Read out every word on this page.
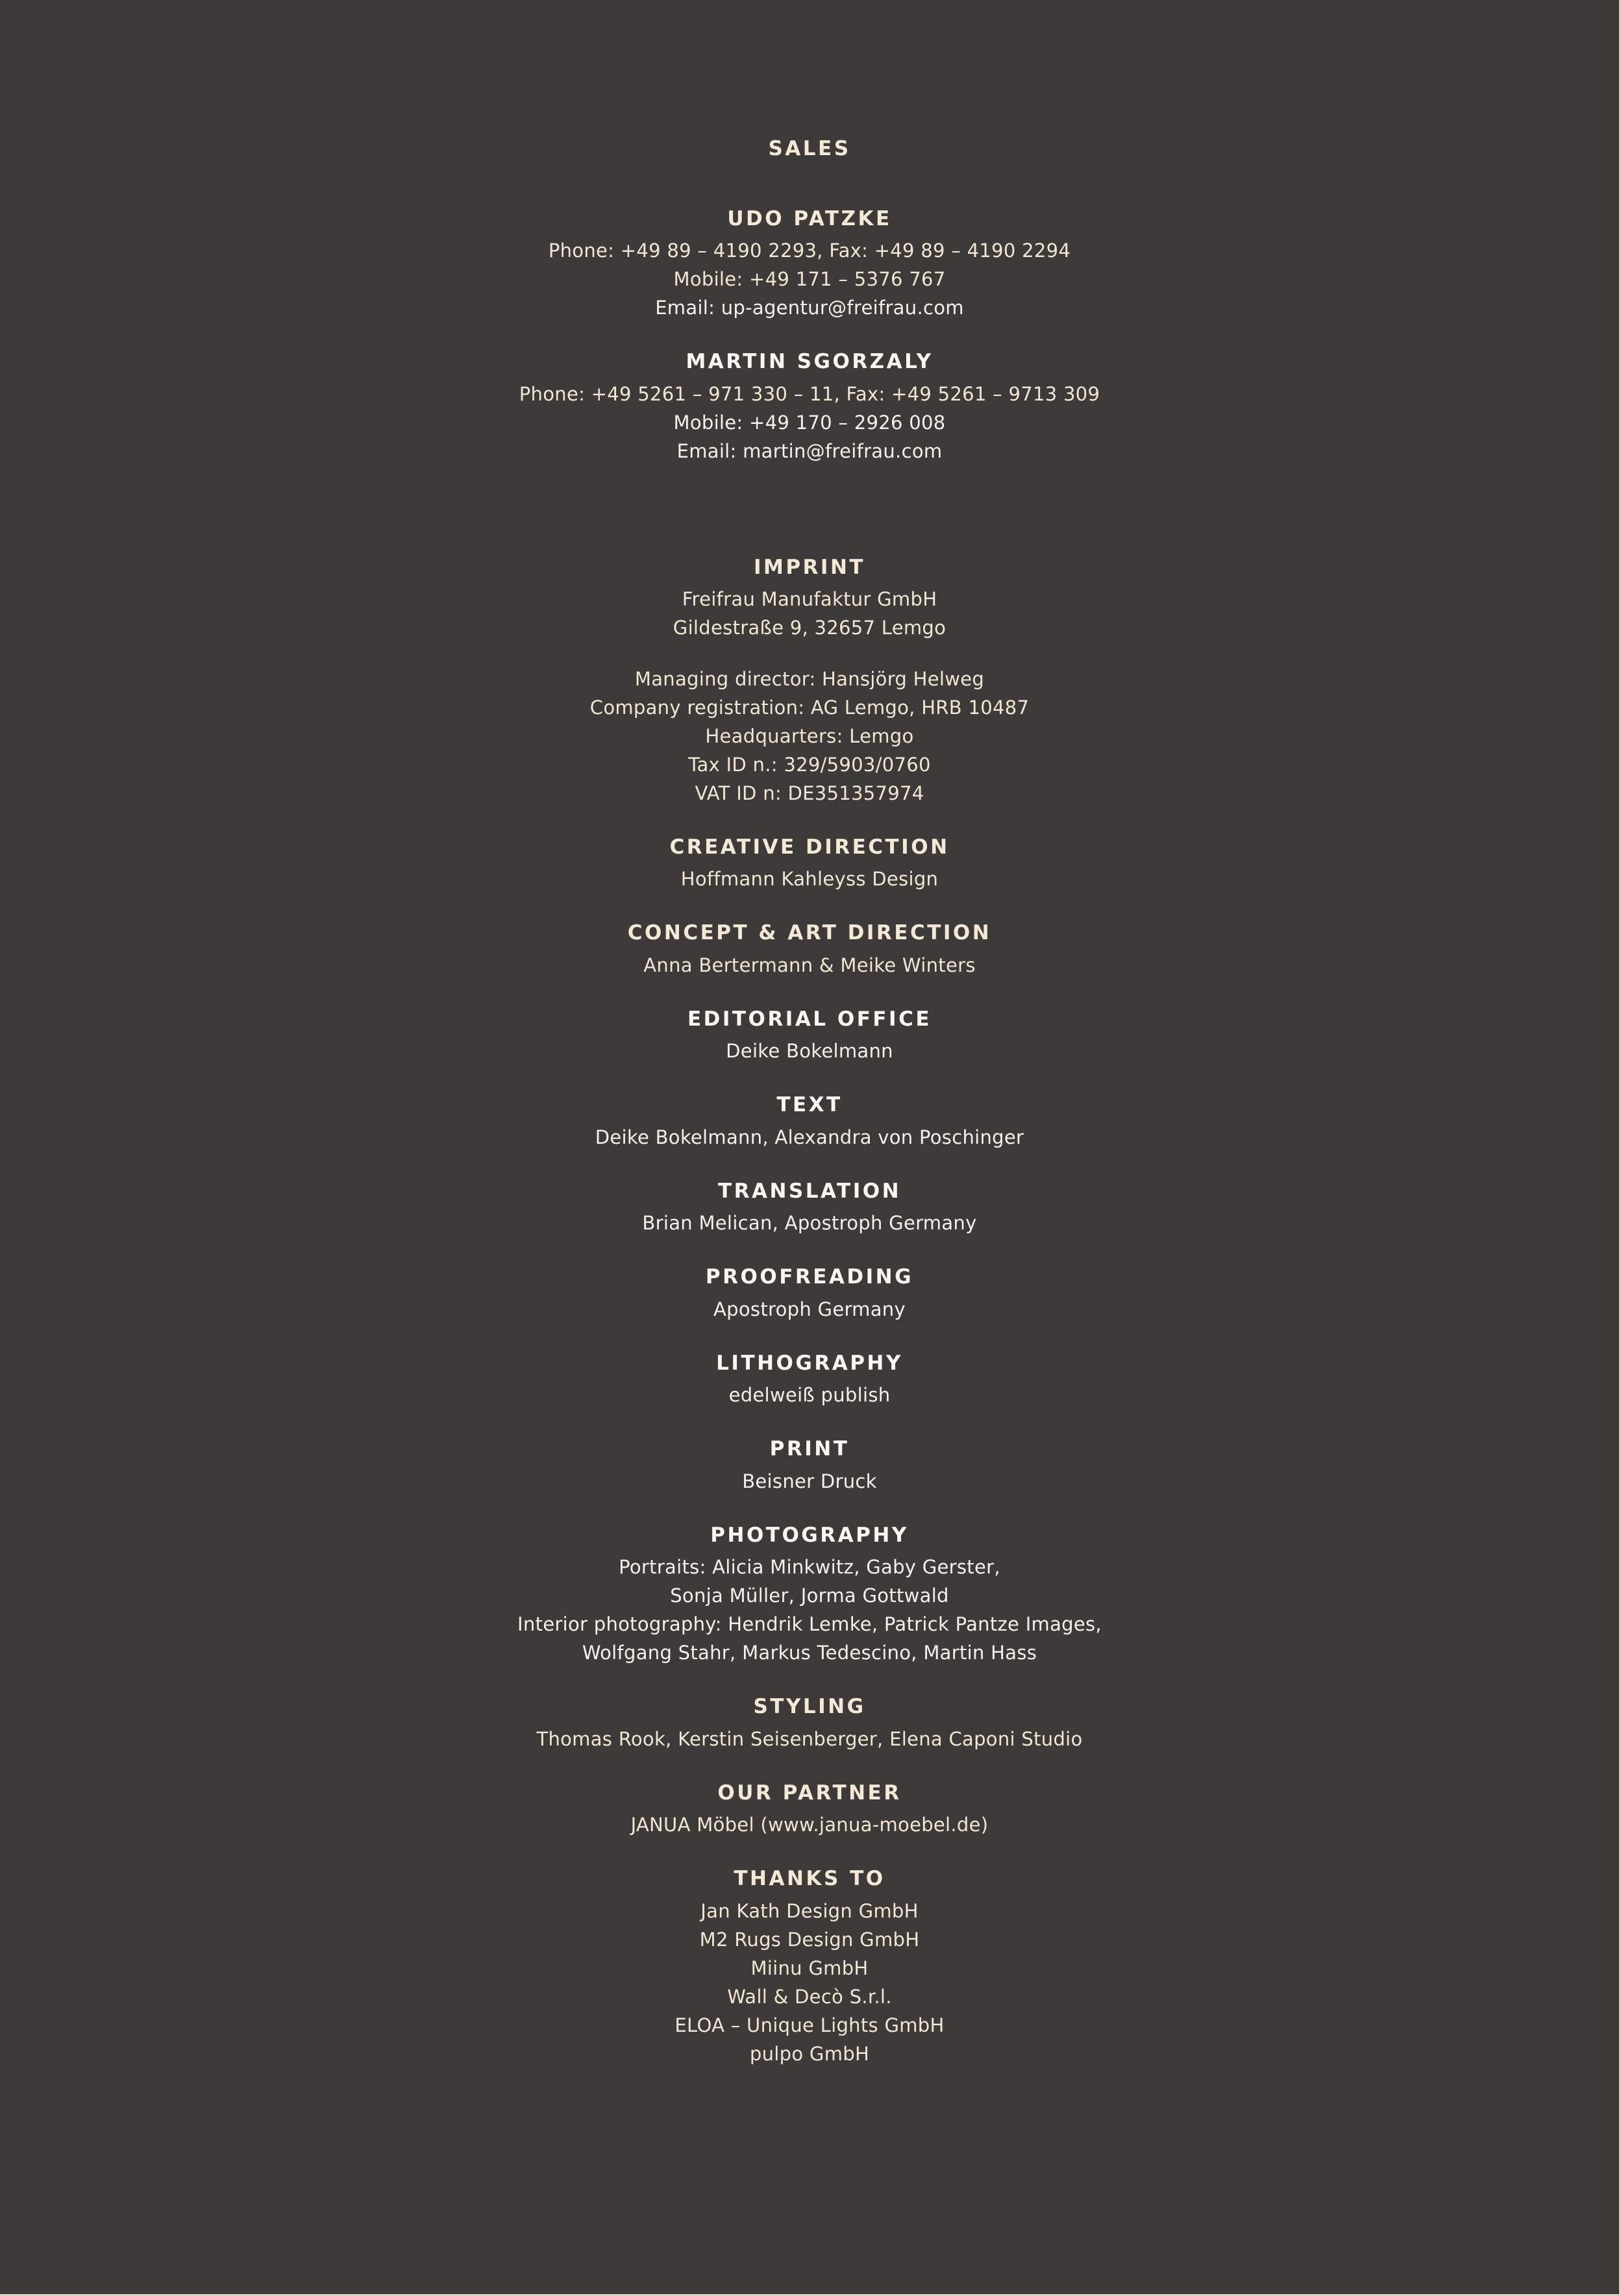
SALES
UDO PATZKE
Phone: +49 89 – 4190 2293, Fax: +49 89 – 4190 2294
Mobile: +49 171 – 5376 767
Email: up-agentur@freifrau.com
MARTIN SGORZALY
Phone: +49 5261 – 971 330 – 11, Fax: +49 5261 – 9713 309
Mobile: +49 170 – 2926 008
Email: martin@freifrau.com
IMPRINT
Freifrau Manufaktur GmbH
Gildestraße 9, 32657 Lemgo
Managing director: Hansjörg Helweg
Company registration: AG Lemgo, HRB 10487
Headquarters: Lemgo
Tax ID n.: 329/5903/0760
VAT ID n: DE351357974
CREATIVE DIRECTION
Hoffmann Kahleyss Design
CONCEPT & ART DIRECTION
Anna Bertermann & Meike Winters
EDITORIAL OFFICE
Deike Bokelmann
TEXT
Deike Bokelmann, Alexandra von Poschinger
TRANSLATION
Brian Melican, Apostroph Germany
PROOFREADING
Apostroph Germany
LITHOGRAPHY
edelweiß publish
PRINT
Beisner Druck
PHOTOGRAPHY
Portraits: Alicia Minkwitz, Gaby Gerster,
Sonja Müller, Jorma Gottwald
Interior photography: Hendrik Lemke, Patrick Pantze Images,
Wolfgang Stahr, Markus Tedescino, Martin Hass
STYLING
Thomas Rook, Kerstin Seisenberger, Elena Caponi Studio
OUR PARTNER
JANUA Möbel (www.janua-moebel.de)
THANKS TO
Jan Kath Design GmbH
M2 Rugs Design GmbH
Miinu GmbH
Wall & Decò S.r.l.
ELOA – Unique Lights GmbH
pulpo GmbH
